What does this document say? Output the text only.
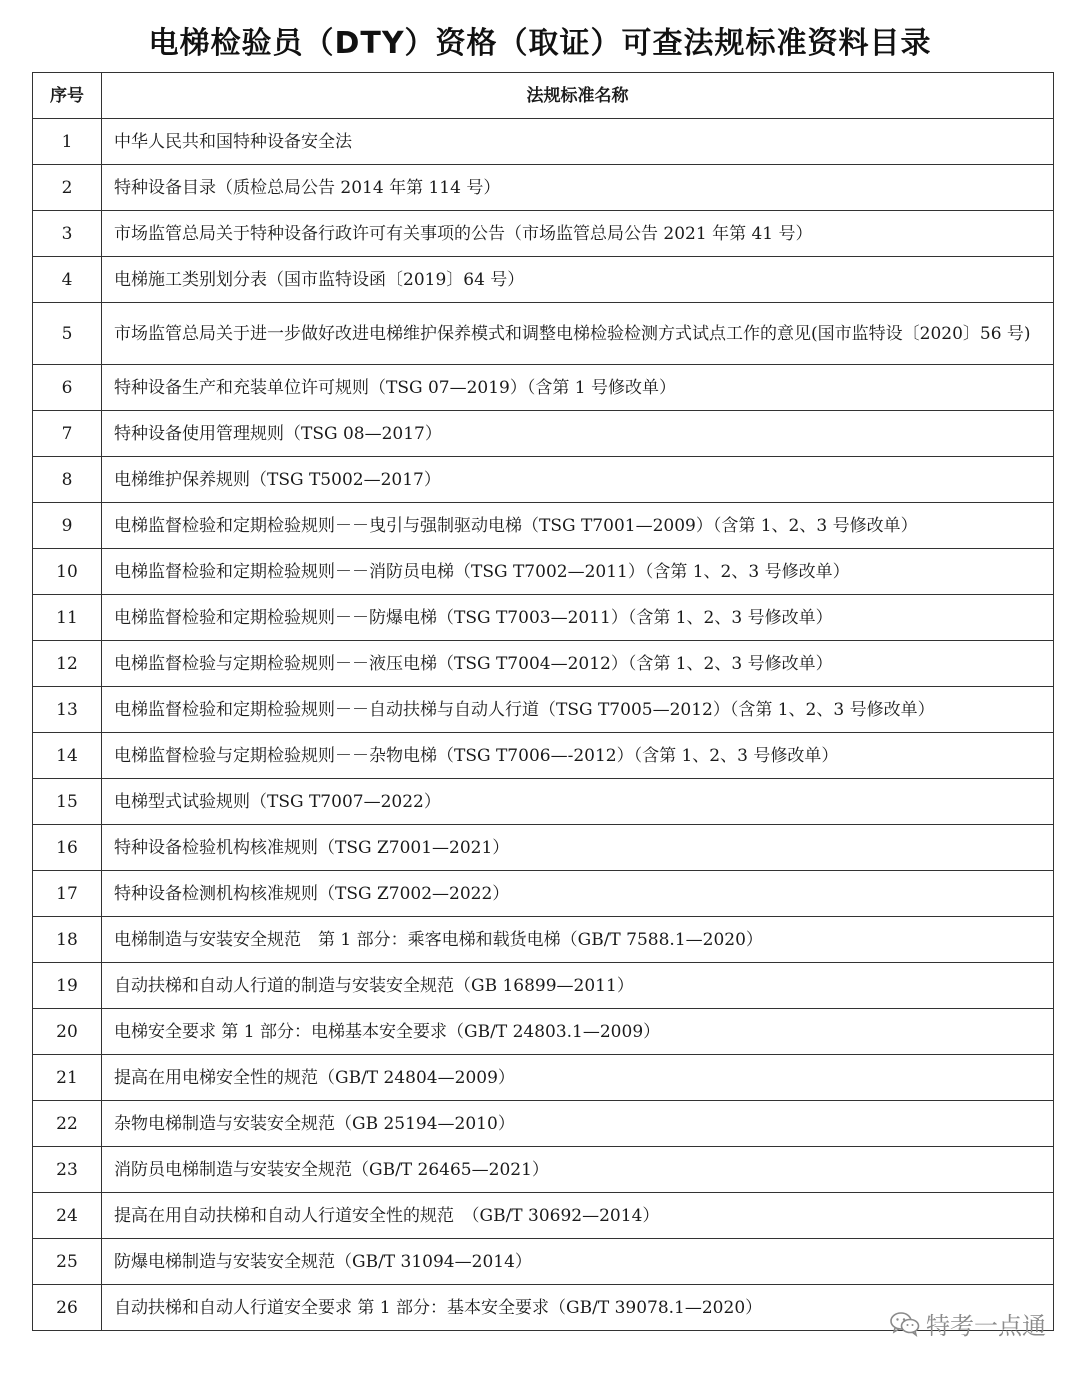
电梯检验员（DTY）资格（取证）可查法规标准资料目录
序号	法规标准名称
1	中华人民共和国特种设备安全法
2	特种设备目录（质检总局公告 2014 年第 114 号）
3	市场监管总局关于特种设备行政许可有关事项的公告（市场监管总局公告 2021 年第 41 号）
4	电梯施工类别划分表（国市监特设函〔2019〕64 号）
5	市场监管总局关于进一步做好改进电梯维护保养模式和调整电梯检验检测方式试点工作的意见(国市监特设〔2020〕56 号)
6	特种设备生产和充装单位许可规则（TSG 07—2019）（含第 1 号修改单）
7	特种设备使用管理规则（TSG 08—2017）
8	电梯维护保养规则（TSG T5002—2017）
9	电梯监督检验和定期检验规则－－曳引与强制驱动电梯（TSG T7001—2009）（含第 1、2、3 号修改单）
10	电梯监督检验和定期检验规则－－消防员电梯（TSG T7002—2011）（含第 1、2、3 号修改单）
11	电梯监督检验和定期检验规则－－防爆电梯（TSG T7003—2011）（含第 1、2、3 号修改单）
12	电梯监督检验与定期检验规则－－液压电梯（TSG T7004—2012）（含第 1、2、3 号修改单）
13	电梯监督检验和定期检验规则－－自动扶梯与自动人行道（TSG T7005—2012）（含第 1、2、3 号修改单）
14	电梯监督检验与定期检验规则－－杂物电梯（TSG T7006—-2012）（含第 1、2、3 号修改单）
15	电梯型式试验规则（TSG T7007—2022）
16	特种设备检验机构核准规则（TSG Z7001—2021）
17	特种设备检测机构核准规则（TSG Z7002—2022）
18	电梯制造与安装安全规范　第 1 部分：乘客电梯和载货电梯（GB/T 7588.1—2020）
19	自动扶梯和自动人行道的制造与安装安全规范（GB 16899—2011）
20	电梯安全要求 第 1 部分：电梯基本安全要求（GB/T 24803.1—2009）
21	提高在用电梯安全性的规范（GB/T 24804—2009）
22	杂物电梯制造与安装安全规范（GB 25194—2010）
23	消防员电梯制造与安装安全规范（GB/T 26465—2021）
24	提高在用自动扶梯和自动人行道安全性的规范　（GB/T 30692—2014）
25	防爆电梯制造与安装安全规范（GB/T 31094—2014）
26	自动扶梯和自动人行道安全要求 第 1 部分：基本安全要求（GB/T 39078.1—2020）
特考一点通
